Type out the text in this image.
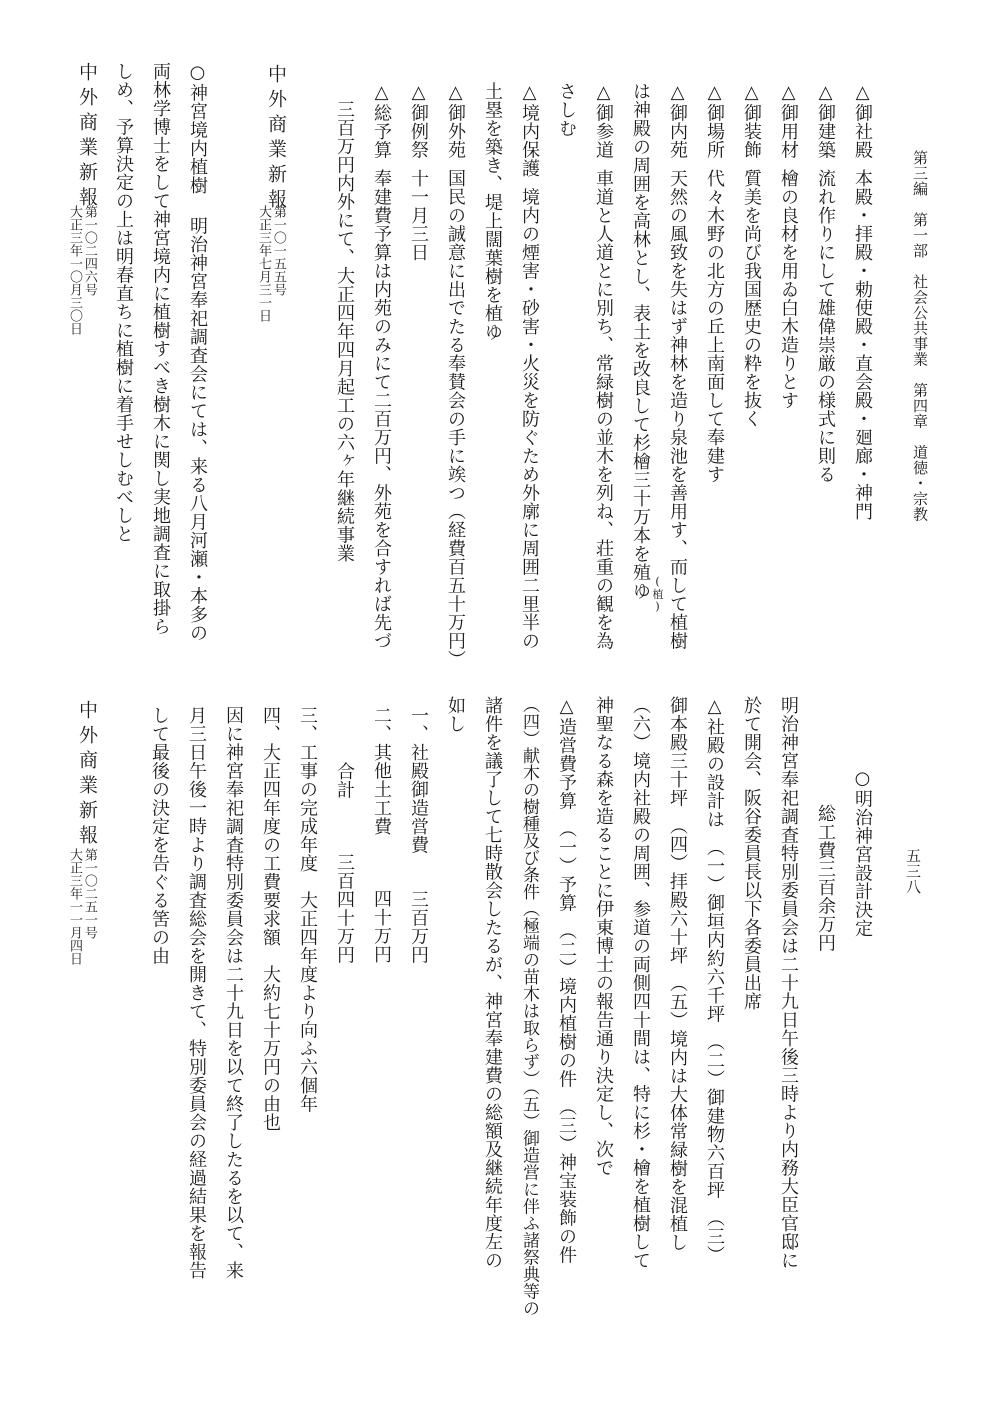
第三編　第一部　社会公共事業　第四章　道徳・宗教
五三八
△御社殿本殿・拝殿・勅使殿・直会殿・廻廊・神門
△御建築流れ作りにして雄偉崇厳の様式に則る
△御用材檜の良材を用ゐ白木造りとす
△御装飾質美を尚び我国歴史の粋を抜く
△御場所代々木野の北方の丘上南面して奉建す
△御内苑天然の風致を失はず神林を造り泉池を善用す、而して植樹
は神殿の周囲を高林とし、表土を改良して杉檜三十万本を殖ゆ (植)
△御参道車道と人道とに別ち、常緑樹の並木を列ね、荘重の観を為
さしむ
△境内保護境内の煙害・砂害・火災を防ぐため外廓に周囲二里半の
土塁を築き、堤上闊葉樹を植ゆ
△御外苑国民の誠意に出でたる奉賛会の手に竢つ（経費百五十万円）
△御例祭十一月三日
△総予算奉建費予算は内苑のみにて二百万円、外苑を合すれば先づ
三百万円内外にて、大正四年四月起工の六ヶ年継続事業
中外商業新報
第一〇一五五号
大正三年七月三一日
○神宮境内植樹明治神宮奉祀調査会にては、来る八月河瀬・本多の
両林学博士をして神宮境内に植樹すべき樹木に関し実地調査に取掛ら
しめ、予算決定の上は明春直ちに植樹に着手せしむべしと
中外商業新報
第一〇二四六号
大正三年一〇月三〇日
○明治神宮設計決定
総工費三百余万円
明治神宮奉祀調査特別委員会は二十九日午後三時より内務大臣官邸に
於て開会、阪谷委員長以下各委員出席
△社殿の設計は　（一）御垣内約六千坪　（二）御建物六百坪　（三）
御本殿三十坪　（四）拝殿六十坪　（五）境内は大体常緑樹を混植し
（六）境内社殿の周囲、参道の両側四十間は、特に杉・檜を植樹して
神聖なる森を造ることに伊東博士の報告通り決定し、次で
△造営費予算　（一）予算　（二）境内植樹の件　（三）神宝装飾の件
（四）献木の樹種及び条件（極端の苗木は取らず）（五）御造営に伴ふ諸祭典等の
諸件を議了して七時散会したるが、神宮奉建費の総額及継続年度左の
如し
一、社殿御造営費三百万円
二、其他土工費四十万円
合計三百四十万円
三、工事の完成年度　大正四年度より向ふ六個年
四、大正四年度の工費要求額　大約七十万円の由也
因に神宮奉祀調査特別委員会は二十九日を以て終了したるを以て、来
月三日午後一時より調査総会を開きて、特別委員会の経過結果を報告
して最後の決定を告ぐる筈の由
中外商業新報
第一〇二五一号
大正三年一一月四日
